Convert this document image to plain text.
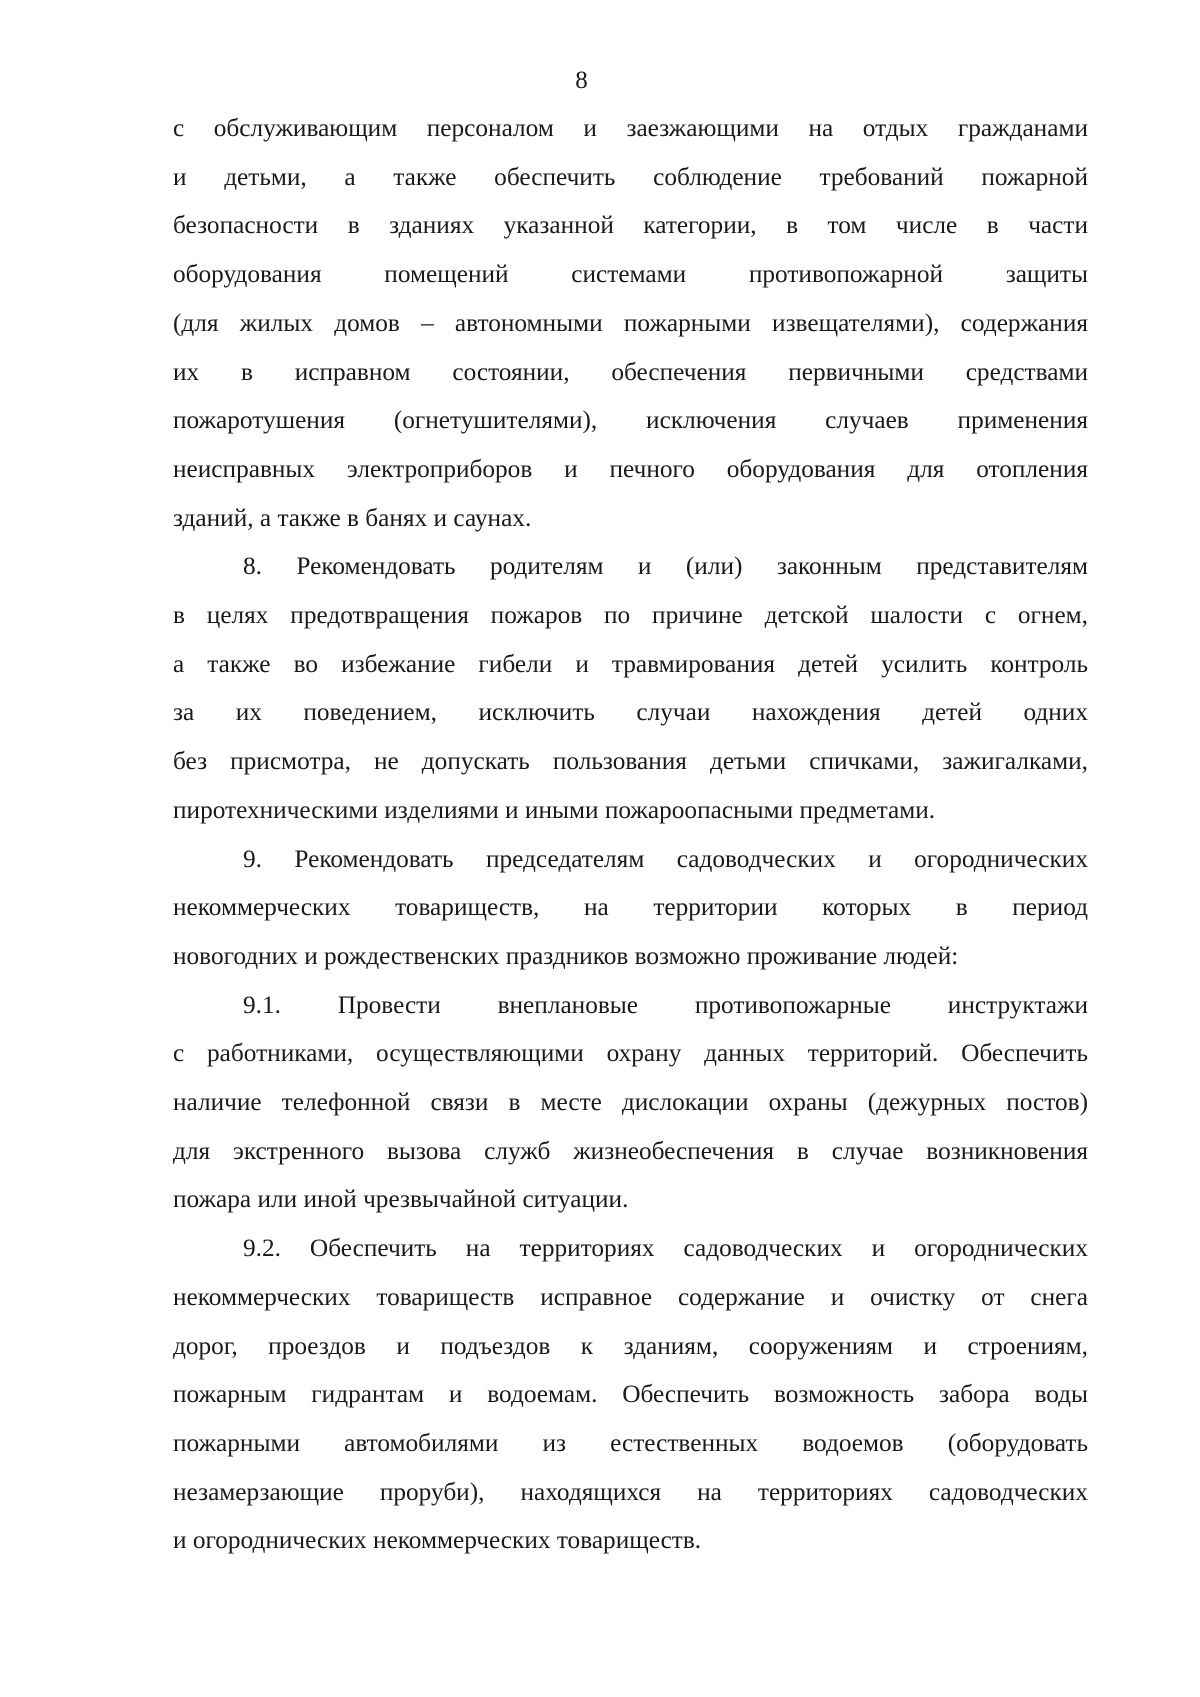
8

с обслуживающим персоналом и заезжающими на отдых гражданами
и детьми, а также обеспечить соблюдение требований пожарной
безопасности в зданиях указанной категории, в том числе в части
оборудования помещений системами противопожарной защиты
(для жилых домов – автономными пожарными извещателями), содержания
их в исправном состоянии, обеспечения первичными средствами
пожаротушения (огнетушителями), исключения случаев применения
неисправных электроприборов и печного оборудования для отопления
зданий, а также в банях и саунах.

8. Рекомендовать родителям и (или) законным представителям
в целях предотвращения пожаров по причине детской шалости с огнем,
а также во избежание гибели и травмирования детей усилить контроль
за их поведением, исключить случаи нахождения детей одних
без присмотра, не допускать пользования детьми спичками, зажигалками,
пиротехническими изделиями и иными пожароопасными предметами.

9. Рекомендовать председателям садоводческих и огороднических
некоммерческих товариществ, на территории которых в период
новогодних и рождественских праздников возможно проживание людей:

9.1. Провести внеплановые противопожарные инструктажи
с работниками, осуществляющими охрану данных территорий. Обеспечить
наличие телефонной связи в месте дислокации охраны (дежурных постов)
для экстренного вызова служб жизнеобеспечения в случае возникновения
пожара или иной чрезвычайной ситуации.

9.2. Обеспечить на территориях садоводческих и огороднических
некоммерческих товариществ исправное содержание и очистку от снега
дорог, проездов и подъездов к зданиям, сооружениям и строениям,
пожарным гидрантам и водоемам. Обеспечить возможность забора воды
пожарными автомобилями из естественных водоемов (оборудовать
незамерзающие проруби), находящихся на территориях садоводческих
и огороднических некоммерческих товариществ.
